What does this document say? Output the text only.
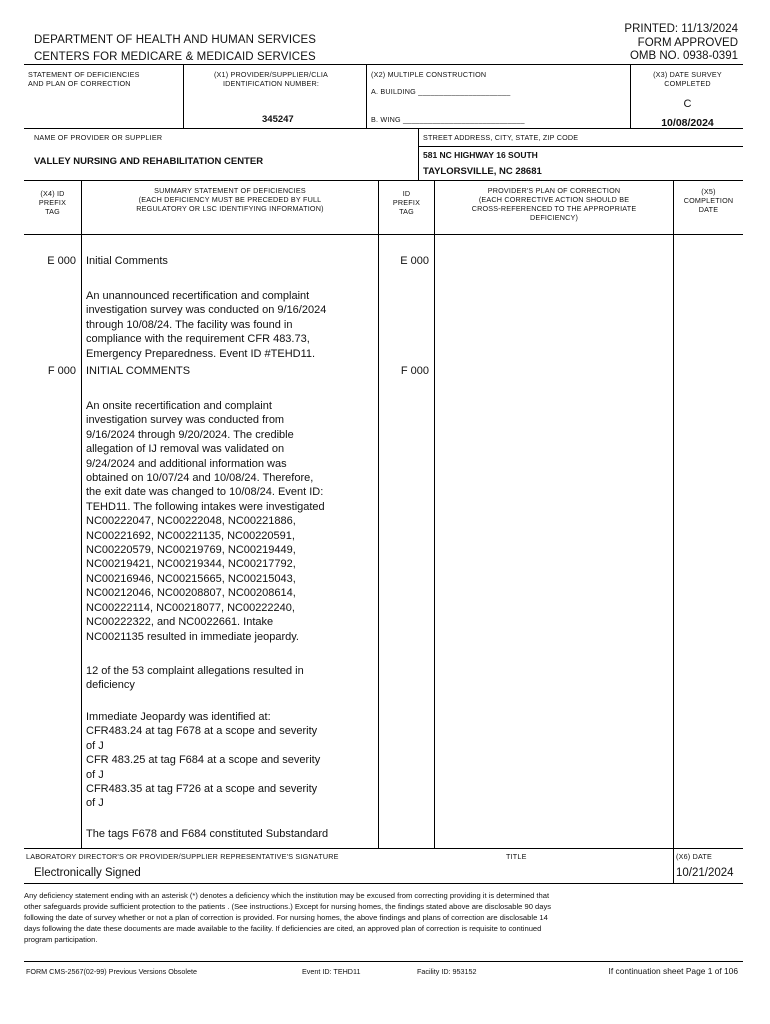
PRINTED: 11/13/2024
FORM APPROVED
DEPARTMENT OF HEALTH AND HUMAN SERVICES
CENTERS FOR MEDICARE & MEDICAID SERVICES	OMB NO. 0938-0391
STATEMENT OF DEFICIENCIES
AND PLAN OF CORRECTION
(X1) PROVIDER/SUPPLIER/CLIA
IDENTIFICATION NUMBER:
345247
(X2) MULTIPLE CONSTRUCTION
A. BUILDING ______________________
B. WING _____________________________
(X3) DATE SURVEY
COMPLETED
C
10/08/2024
NAME OF PROVIDER OR SUPPLIER
VALLEY NURSING AND REHABILITATION CENTER
STREET ADDRESS, CITY, STATE, ZIP CODE
581 NC HIGHWAY 16 SOUTH
TAYLORSVILLE, NC 28681
(X4) ID
PREFIX
TAG
SUMMARY STATEMENT OF DEFICIENCIES
(EACH DEFICIENCY MUST BE PRECEDED BY FULL
REGULATORY OR LSC IDENTIFYING INFORMATION)
ID
PREFIX
TAG
PROVIDER'S PLAN OF CORRECTION
(EACH CORRECTIVE ACTION SHOULD BE
CROSS-REFERENCED TO THE APPROPRIATE
DEFICIENCY)
(X5)
COMPLETION
DATE
E 000 Initial Comments	E 000
An unannounced recertification and complaint
investigation survey was conducted on 9/16/2024
through 10/08/24. The facility was found in
compliance with the requirement CFR 483.73,
Emergency Preparedness. Event ID #TEHD11.
F 000 INITIAL COMMENTS	F 000
An onsite recertification and complaint
investigation survey was conducted from
9/16/2024 through 9/20/2024. The credible
allegation of IJ removal was validated on
9/24/2024 and additional information was
obtained on 10/07/24 and 10/08/24. Therefore,
the exit date was changed to 10/08/24. Event ID:
TEHD11. The following intakes were investigated
NC00222047, NC00222048, NC00221886,
NC00221692, NC00221135, NC00220591,
NC00220579, NC00219769, NC00219449,
NC00219421, NC00219344, NC00217792,
NC00216946, NC00215665, NC00215043,
NC00212046, NC00208807, NC00208614,
NC00222114, NC00218077, NC00222240,
NC00222322, and NC0022661. Intake
NC0021135 resulted in immediate jeopardy.
12 of the 53 complaint allegations resulted in
deficiency
Immediate Jeopardy was identified at:
CFR483.24 at tag F678 at a scope and severity
of J
CFR 483.25 at tag F684 at a scope and severity
of J
CFR483.35 at tag F726 at a scope and severity
of J
The tags F678 and F684 constituted Substandard
LABORATORY DIRECTOR'S OR PROVIDER/SUPPLIER REPRESENTATIVE'S SIGNATURE	TITLE	(X6) DATE
Electronically Signed	10/21/2024
Any deficiency statement ending with an asterisk (*) denotes a deficiency which the institution may be excused from correcting providing it is determined that
other safeguards provide sufficient protection to the patients . (See instructions.) Except for nursing homes, the findings stated above are disclosable 90 days
following the date of survey whether or not a plan of correction is provided. For nursing homes, the above findings and plans of correction are disclosable 14
days following the date these documents are made available to the facility. If deficiencies are cited, an approved plan of correction is requisite to continued
program participation.
FORM CMS-2567(02-99) Previous Versions Obsolete	Event ID: TEHD11	Facility ID: 953152	If continuation sheet Page 1 of 106
